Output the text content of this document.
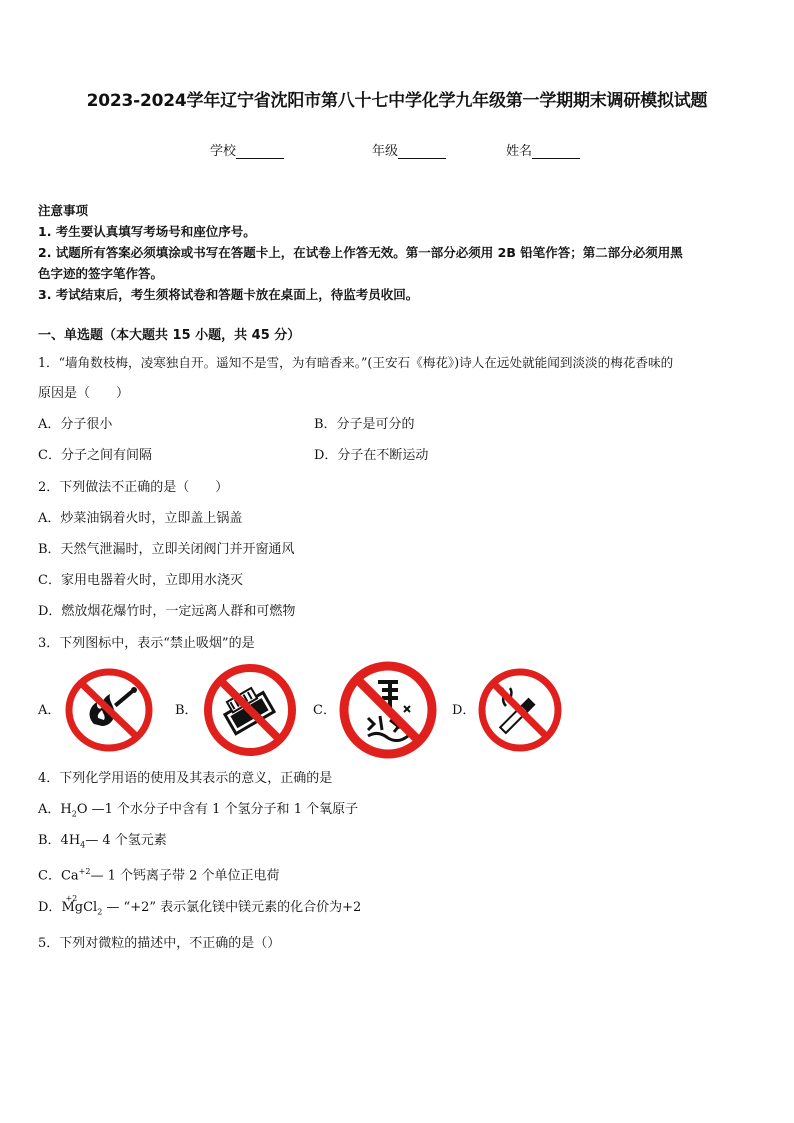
2023-2024学年辽宁省沈阳市第八十七中学化学九年级第一学期期末调研模拟试题
学校	年级	姓名
注意事项
1. 考生要认真填写考场号和座位序号。
2. 试题所有答案必须填涂或书写在答题卡上，在试卷上作答无效。第一部分必须用 2B 铅笔作答；第二部分必须用黑
色字迹的签字笔作答。
3. 考试结束后，考生须将试卷和答题卡放在桌面上，待监考员收回。
一、单选题（本大题共 15 小题，共 45 分）
1．“墙角数枝梅，凌寒独自开。遥知不是雪，为有暗香来。”(王安石《梅花》)诗人在远处就能闻到淡淡的梅花香味的
原因是（　　）
A．分子很小	B．分子是可分的
C．分子之间有间隔	D．分子在不断运动
2．下列做法不正确的是（　　）
A．炒菜油锅着火时，立即盖上锅盖
B．天然气泄漏时，立即关闭阀门并开窗通风
C．家用电器着火时，立即用水浇灭
D．燃放烟花爆竹时，一定远离人群和可燃物
3．下列图标中，表示“禁止吸烟”的是
A．	B．	C．	D．
4．下列化学用语的使用及其表示的意义，正确的是
A．$H_2O$ —1 个水分子中含有 1 个氢分子和 1 个氧原子
B．$4H_4—$ 4 个氢元素
C．$Ca^{+2}—$ 1 个钙离子带 2 个单位正电荷
D．
+2
MgCl$_2$ — “+2” 表示氯化镁中镁元素的化合价为+2
5．下列对微粒的描述中，不正确的是（）
